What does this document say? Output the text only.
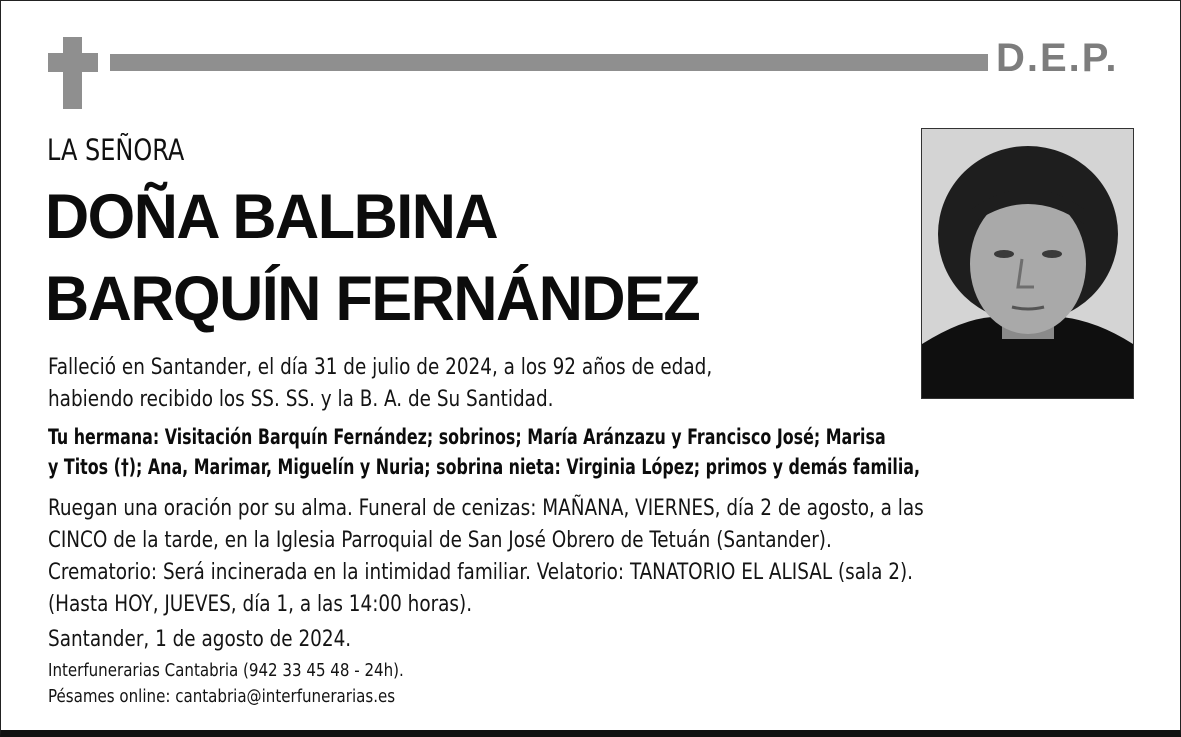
D.E.P.
LA SEÑORA
DOÑA BALBINA
BARQUÍN FERNÁNDEZ
Falleció en Santander, el día 31 de julio de 2024, a los 92 años de edad,
habiendo recibido los SS. SS. y la B. A. de Su Santidad.
Tu hermana: Visitación Barquín Fernández; sobrinos; María Aránzazu y Francisco José; Marisa
y Titos (†); Ana, Marimar, Miguelín y Nuria; sobrina nieta: Virginia López; primos y demás familia,
Ruegan una oración por su alma. Funeral de cenizas: MAÑANA, VIERNES, día 2 de agosto, a las
CINCO de la tarde, en la Iglesia Parroquial de San José Obrero de Tetuán (Santander).
Crematorio: Será incinerada en la intimidad familiar. Velatorio: TANATORIO EL ALISAL (sala 2).
(Hasta HOY, JUEVES, día 1, a las 14:00 horas).
Santander, 1 de agosto de 2024.
Interfunerarias Cantabria (942 33 45 48 - 24h).
Pésames online: cantabria@interfunerarias.es
